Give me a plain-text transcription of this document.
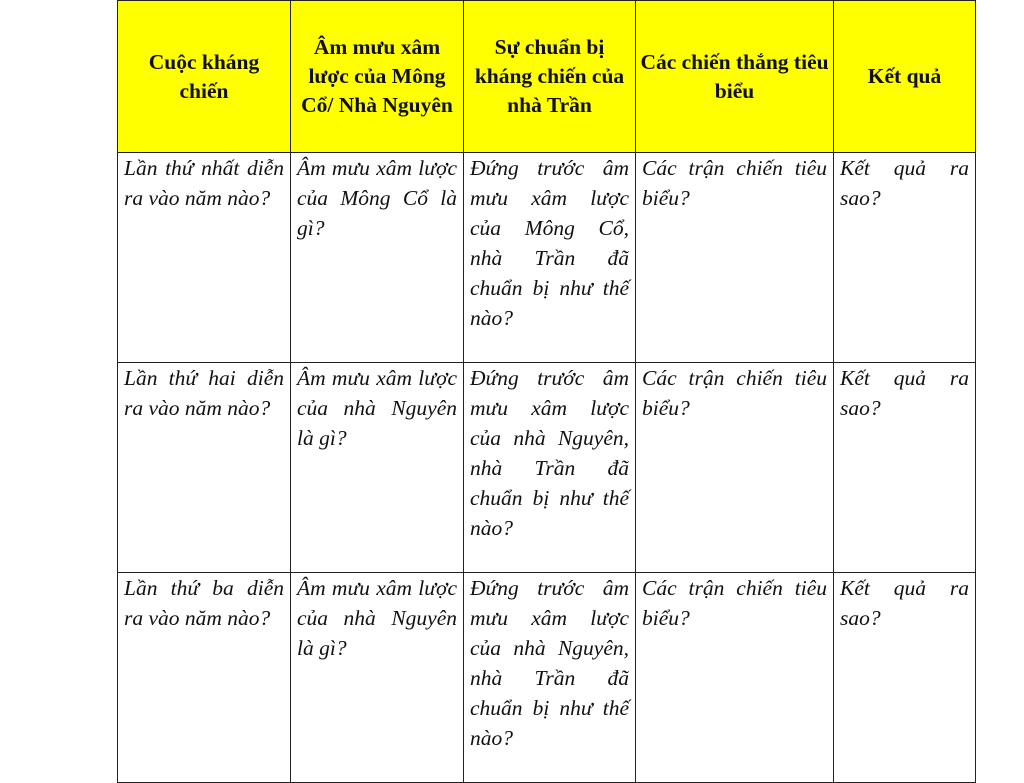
Cuộc kháng chiến	Âm mưu xâm lược của Mông Cổ/ Nhà Nguyên	Sự chuẩn bị kháng chiến của nhà Trần	Các chiến thắng tiêu biểu	Kết quả
Lần thứ nhất diễn ra vào năm nào?	Âm mưu xâm lược của Mông Cổ là gì?	Đứng trước âm mưu xâm lược của Mông Cổ, nhà Trần đã chuẩn bị như thế nào?	Các trận chiến tiêu biểu?	Kết quả ra sao?
Lần thứ hai diễn ra vào năm nào?	Âm mưu xâm lược của nhà Nguyên là gì?	Đứng trước âm mưu xâm lược của nhà Nguyên, nhà Trần đã chuẩn bị như thế nào?	Các trận chiến tiêu biểu?	Kết quả ra sao?
Lần thứ ba diễn ra vào năm nào?	Âm mưu xâm lược của nhà Nguyên là gì?	Đứng trước âm mưu xâm lược của nhà Nguyên, nhà Trần đã chuẩn bị như thế nào?	Các trận chiến tiêu biểu?	Kết quả ra sao?
